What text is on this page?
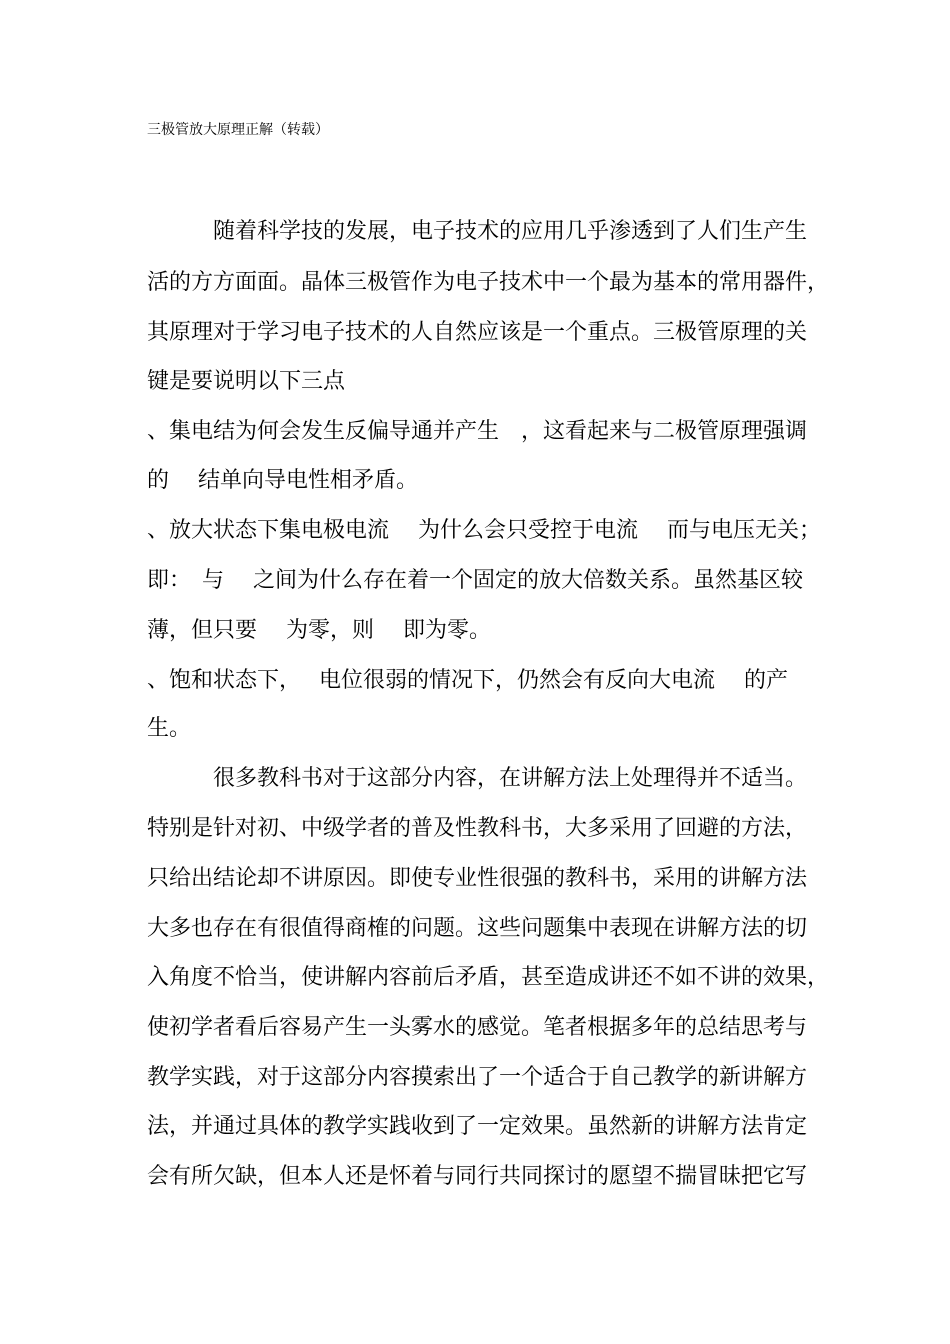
三极管放大原理正解（转载）
　　　随着科学技的发展，电子技术的应用几乎渗透到了人们生产生
活的方方面面。晶体三极管作为电子技术中一个最为基本的常用器件，
其原理对于学习电子技术的人自然应该是一个重点。三极管原理的关
键是要说明以下三点
、集电结为何会发生反偏导通并产生　，这看起来与二极管原理强调
的　 结单向导电性相矛盾。
、放大状态下集电极电流　 为什么会只受控于电流　 而与电压无关；
即：　与　 之间为什么存在着一个固定的放大倍数关系。虽然基区较
薄，但只要　 为零，则　 即为零。
、饱和状态下，　 电位很弱的情况下，仍然会有反向大电流　 的产
生。
　　　很多教科书对于这部分内容，在讲解方法上处理得并不适当。
特别是针对初、中级学者的普及性教科书，大多采用了回避的方法，
只给出结论却不讲原因。即使专业性很强的教科书，采用的讲解方法
大多也存在有很值得商榷的问题。这些问题集中表现在讲解方法的切
入角度不恰当，使讲解内容前后矛盾，甚至造成讲还不如不讲的效果，
使初学者看后容易产生一头雾水的感觉。笔者根据多年的总结思考与
教学实践，对于这部分内容摸索出了一个适合于自己教学的新讲解方
法，并通过具体的教学实践收到了一定效果。虽然新的讲解方法肯定
会有所欠缺，但本人还是怀着与同行共同探讨的愿望不揣冒昧把它写
